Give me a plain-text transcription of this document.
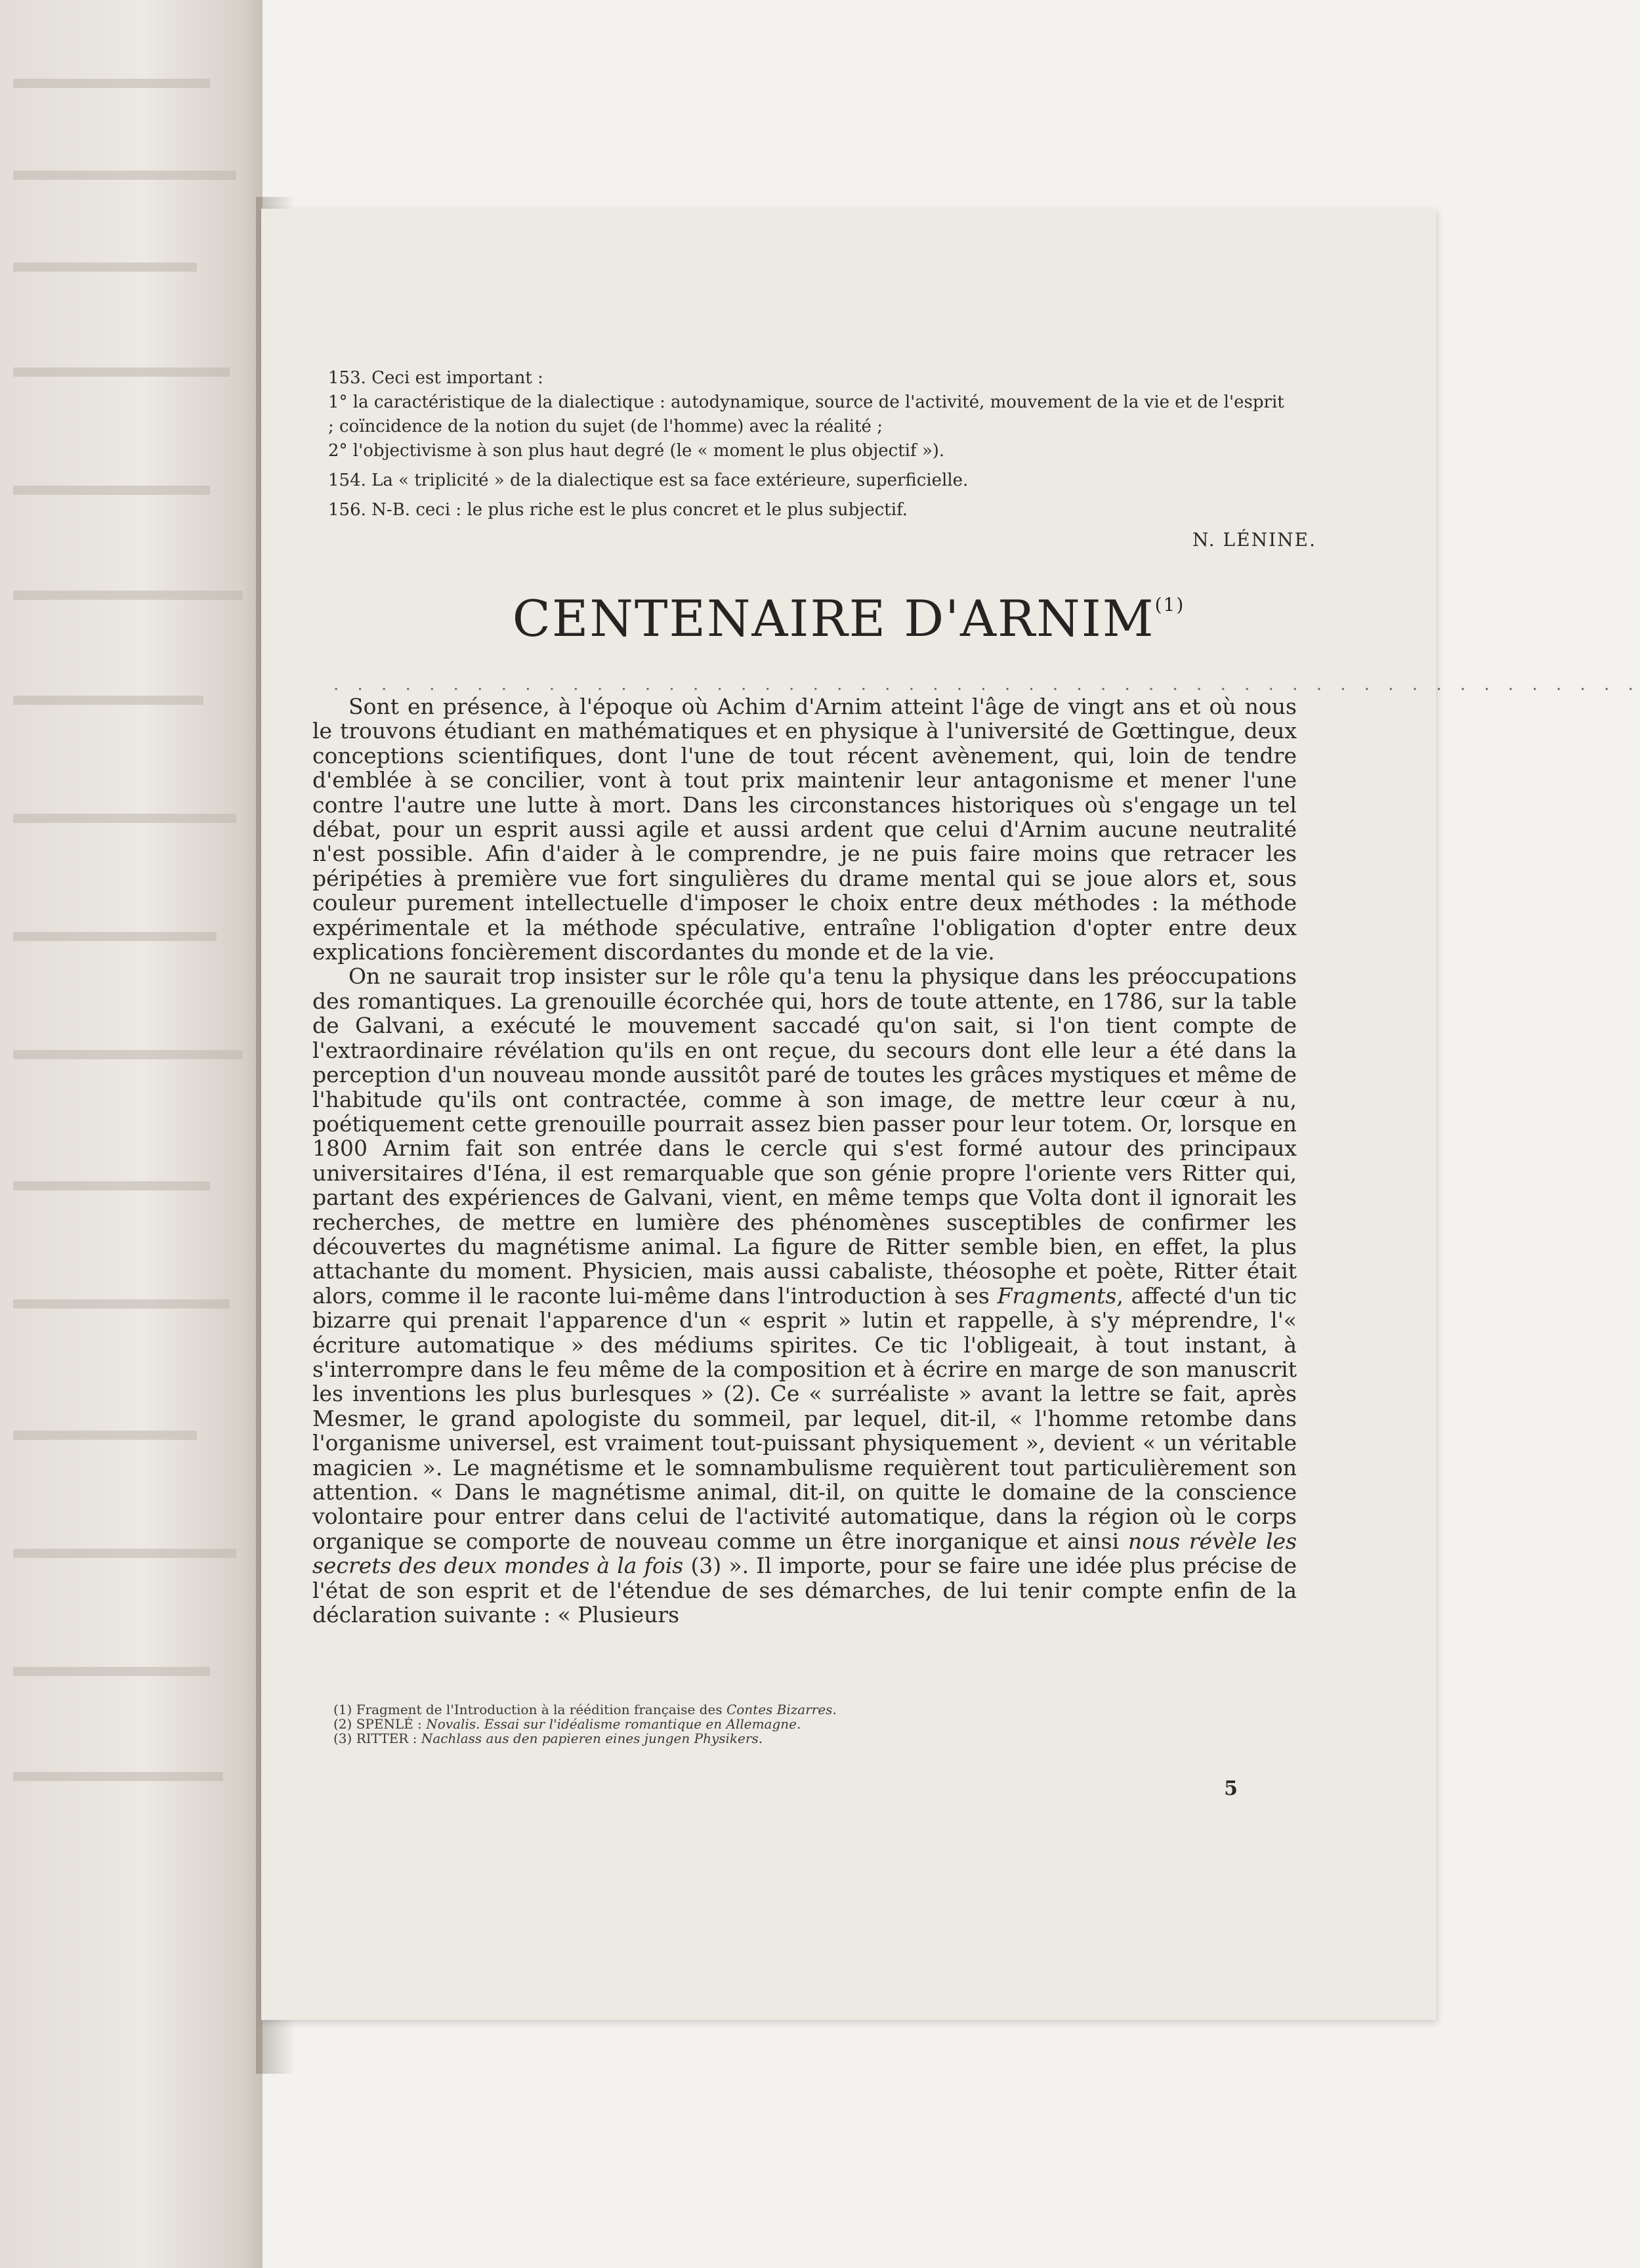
153. Ceci est important :

1° la caractéristique de la dialectique : autodynamique, source de l'activité, mouvement de la vie et de l'esprit ; coïncidence de la notion du sujet (de l'homme) avec la réalité ;

2° l'objectivisme à son plus haut degré (le « moment le plus objectif »).

154. La « triplicité » de la dialectique est sa face extérieure, superficielle.

156. N-B. ceci : le plus riche est le plus concret et le plus subjectif.

N. LÉNINE.
CENTENAIRE D'ARNIM$^{(1)}$
. . . . . . . . . . . . . . . . . . . . . . . . . . . . . . . . . . . . . . . . . . . . . . . . . . . . . . .

Sont en présence, à l'époque où Achim d'Arnim atteint l'âge de vingt ans et où nous le trouvons étudiant en mathématiques et en physique à l'université de Gœttingue, deux conceptions scientifiques, dont l'une de tout récent avènement, qui, loin de tendre d'emblée à se concilier, vont à tout prix maintenir leur antagonisme et mener l'une contre l'autre une lutte à mort. Dans les circonstances historiques où s'engage un tel débat, pour un esprit aussi agile et aussi ardent que celui d'Arnim aucune neutralité n'est possible. Afin d'aider à le comprendre, je ne puis faire moins que retracer les péripéties à première vue fort singulières du drame mental qui se joue alors et, sous couleur purement intellectuelle d'imposer le choix entre deux méthodes : la méthode expérimentale et la méthode spéculative, entraîne l'obligation d'opter entre deux explications foncièrement discordantes du monde et de la vie.

On ne saurait trop insister sur le rôle qu'a tenu la physique dans les préoccupations des romantiques. La grenouille écorchée qui, hors de toute attente, en 1786, sur la table de Galvani, a exécuté le mouvement saccadé qu'on sait, si l'on tient compte de l'extraordinaire révélation qu'ils en ont reçue, du secours dont elle leur a été dans la perception d'un nouveau monde aussitôt paré de toutes les grâces mystiques et même de l'habitude qu'ils ont contractée, comme à son image, de mettre leur cœur à nu, poétiquement cette grenouille pourrait assez bien passer pour leur totem. Or, lorsque en 1800 Arnim fait son entrée dans le cercle qui s'est formé autour des principaux universitaires d'Iéna, il est remarquable que son génie propre l'oriente vers Ritter qui, partant des expériences de Galvani, vient, en même temps que Volta dont il ignorait les recherches, de mettre en lumière des phénomènes susceptibles de confirmer les découvertes du magnétisme animal. La figure de Ritter semble bien, en effet, la plus attachante du moment. Physicien, mais aussi cabaliste, théosophe et poète, Ritter était alors, comme il le raconte lui-même dans l'introduction à ses Fragments, affecté d'un tic bizarre qui prenait l'apparence d'un « esprit » lutin et rappelle, à s'y méprendre, l'« écriture automatique » des médiums spirites. Ce tic l'obligeait, à tout instant, à s'interrompre dans le feu même de la composition et à écrire en marge de son manuscrit les inventions les plus burlesques » (2). Ce « surréaliste » avant la lettre se fait, après Mesmer, le grand apologiste du sommeil, par lequel, dit-il, « l'homme retombe dans l'organisme universel, est vraiment tout-puissant physiquement », devient « un véritable magicien ». Le magnétisme et le somnambulisme requièrent tout particulièrement son attention. « Dans le magnétisme animal, dit-il, on quitte le domaine de la conscience volontaire pour entrer dans celui de l'activité automatique, dans la région où le corps organique se comporte de nouveau comme un être inorganique et ainsi nous révèle les secrets des deux mondes à la fois (3) ». Il importe, pour se faire une idée plus précise de l'état de son esprit et de l'étendue de ses démarches, de lui tenir compte enfin de la déclaration suivante : « Plusieurs

(1) Fragment de l'Introduction à la réédition française des Contes Bizarres.

(2) SPENLÉ : Novalis. Essai sur l'idéalisme romantique en Allemagne.

(3) RITTER : Nachlass aus den papieren eines jungen Physikers.

5
